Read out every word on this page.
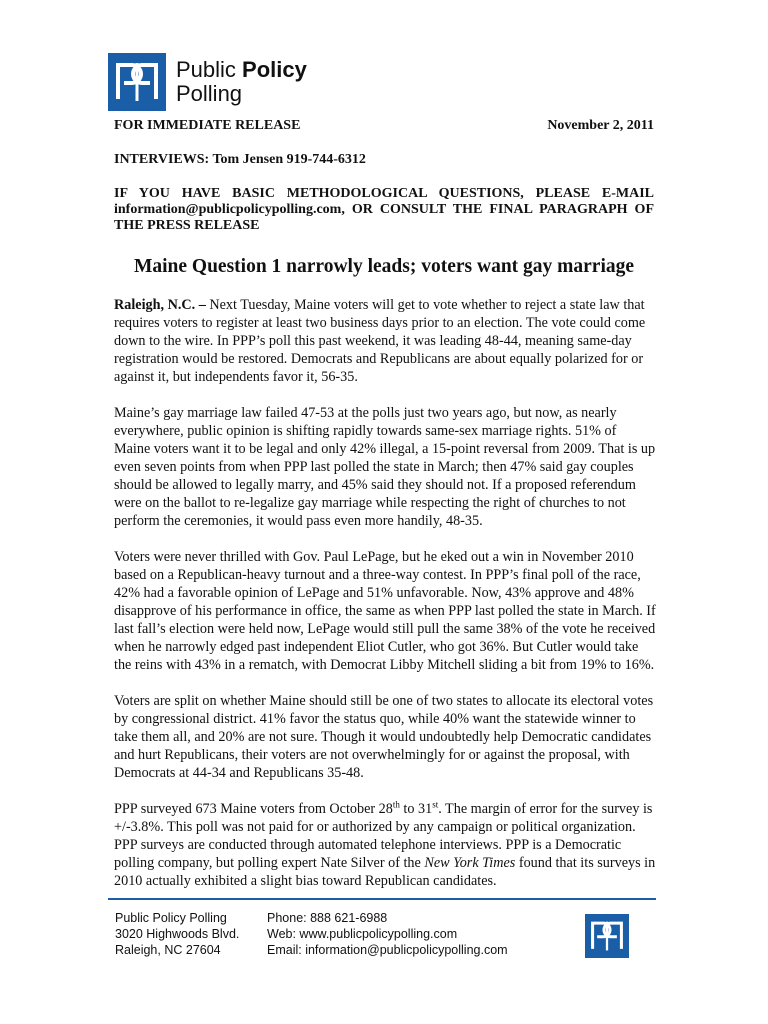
Public Policy
Polling
FOR IMMEDIATE RELEASE	November 2, 2011
INTERVIEWS: Tom Jensen 919-744-6312
IF YOU HAVE BASIC METHODOLOGICAL QUESTIONS, PLEASE E-MAIL information@publicpolicypolling.com, OR CONSULT THE FINAL PARAGRAPH OF THE PRESS RELEASE
Maine Question 1 narrowly leads; voters want gay marriage

Raleigh, N.C. – Next Tuesday, Maine voters will get to vote whether to reject a state law that requires voters to register at least two business days prior to an election. The vote could come down to the wire. In PPP’s poll this past weekend, it was leading 48-44, meaning same-day registration would be restored. Democrats and Republicans are about equally polarized for or against it, but independents favor it, 56-35.

Maine’s gay marriage law failed 47-53 at the polls just two years ago, but now, as nearly everywhere, public opinion is shifting rapidly towards same-sex marriage rights. 51% of Maine voters want it to be legal and only 42% illegal, a 15-point reversal from 2009. That is up even seven points from when PPP last polled the state in March; then 47% said gay couples should be allowed to legally marry, and 45% said they should not. If a proposed referendum were on the ballot to re-legalize gay marriage while respecting the right of churches to not perform the ceremonies, it would pass even more handily, 48-35.

Voters were never thrilled with Gov. Paul LePage, but he eked out a win in November 2010 based on a Republican-heavy turnout and a three-way contest. In PPP’s final poll of the race, 42% had a favorable opinion of LePage and 51% unfavorable. Now, 43% approve and 48% disapprove of his performance in office, the same as when PPP last polled the state in March. If last fall’s election were held now, LePage would still pull the same 38% of the vote he received when he narrowly edged past independent Eliot Cutler, who got 36%. But Cutler would take the reins with 43% in a rematch, with Democrat Libby Mitchell sliding a bit from 19% to 16%.

Voters are split on whether Maine should still be one of two states to allocate its electoral votes by congressional district. 41% favor the status quo, while 40% want the statewide winner to take them all, and 20% are not sure. Though it would undoubtedly help Democratic candidates and hurt Republicans, their voters are not overwhelmingly for or against the proposal, with Democrats at 44-34 and Republicans 35-48.

PPP surveyed 673 Maine voters from October 28th to 31st. The margin of error for the survey is +/-3.8%. This poll was not paid for or authorized by any campaign or political organization. PPP surveys are conducted through automated telephone interviews. PPP is a Democratic polling company, but polling expert Nate Silver of the New York Times found that its surveys in 2010 actually exhibited a slight bias toward Republican candidates.

Public Policy Polling
3020 Highwoods Blvd.
Raleigh, NC 27604
Phone: 888 621-6988
Web: www.publicpolicypolling.com
Email: information@publicpolicypolling.com
